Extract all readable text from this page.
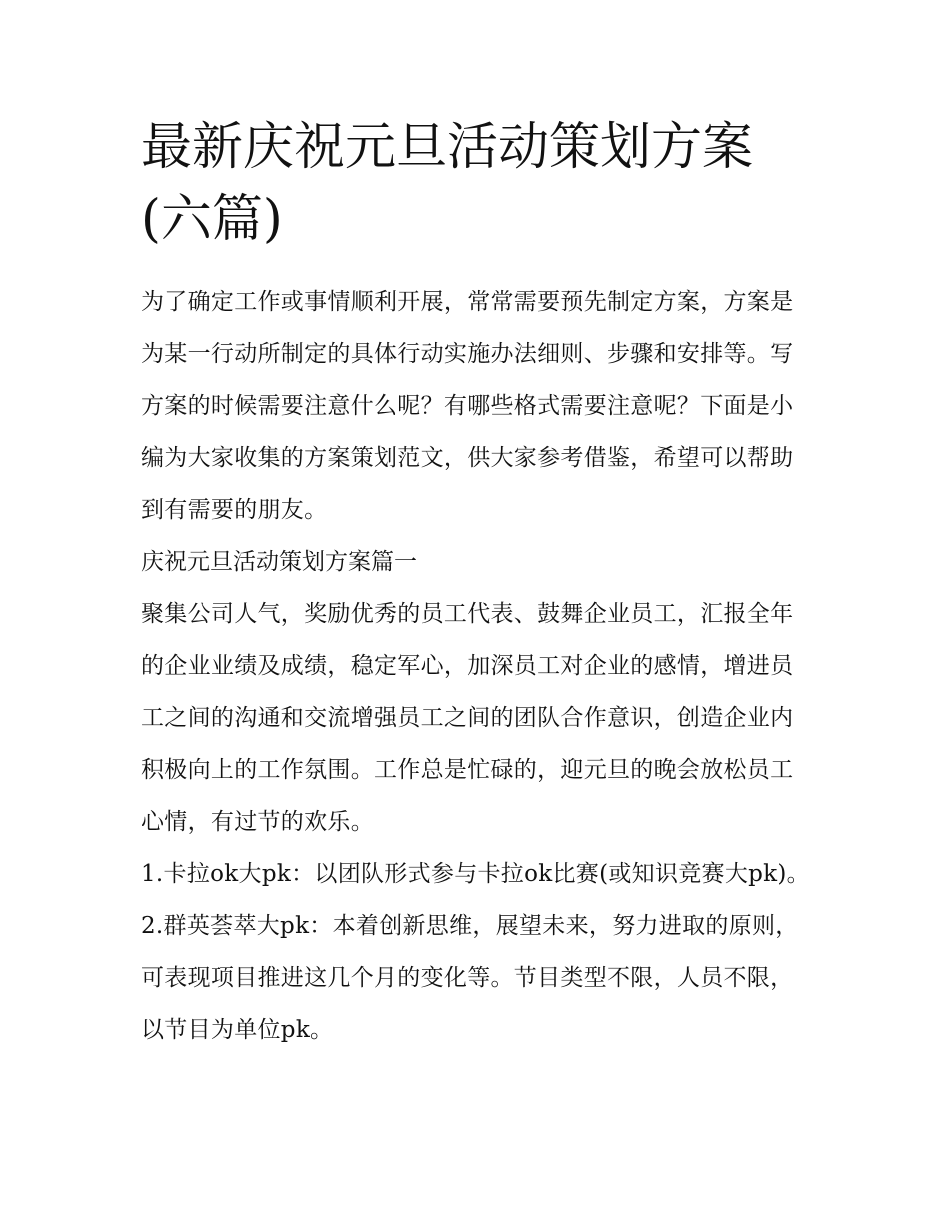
最新庆祝元旦活动策划方案(六篇)

为了确定工作或事情顺利开展，常常需要预先制定方案，方案是为某一行动所制定的具体行动实施办法细则、步骤和安排等。写方案的时候需要注意什么呢？有哪些格式需要注意呢？下面是小编为大家收集的方案策划范文，供大家参考借鉴，希望可以帮助到有需要的朋友。

庆祝元旦活动策划方案篇一

聚集公司人气，奖励优秀的员工代表、鼓舞企业员工，汇报全年的企业业绩及成绩，稳定军心，加深员工对企业的感情，增进员工之间的沟通和交流增强员工之间的团队合作意识，创造企业内积极向上的工作氛围。工作总是忙碌的，迎元旦的晚会放松员工心情，有过节的欢乐。

1.卡拉ok大pk：以团队形式参与卡拉ok比赛(或知识竞赛大pk)。

2.群英荟萃大pk：本着创新思维，展望未来，努力进取的原则，可表现项目推进这几个月的变化等。节目类型不限，人员不限，以节目为单位pk。
